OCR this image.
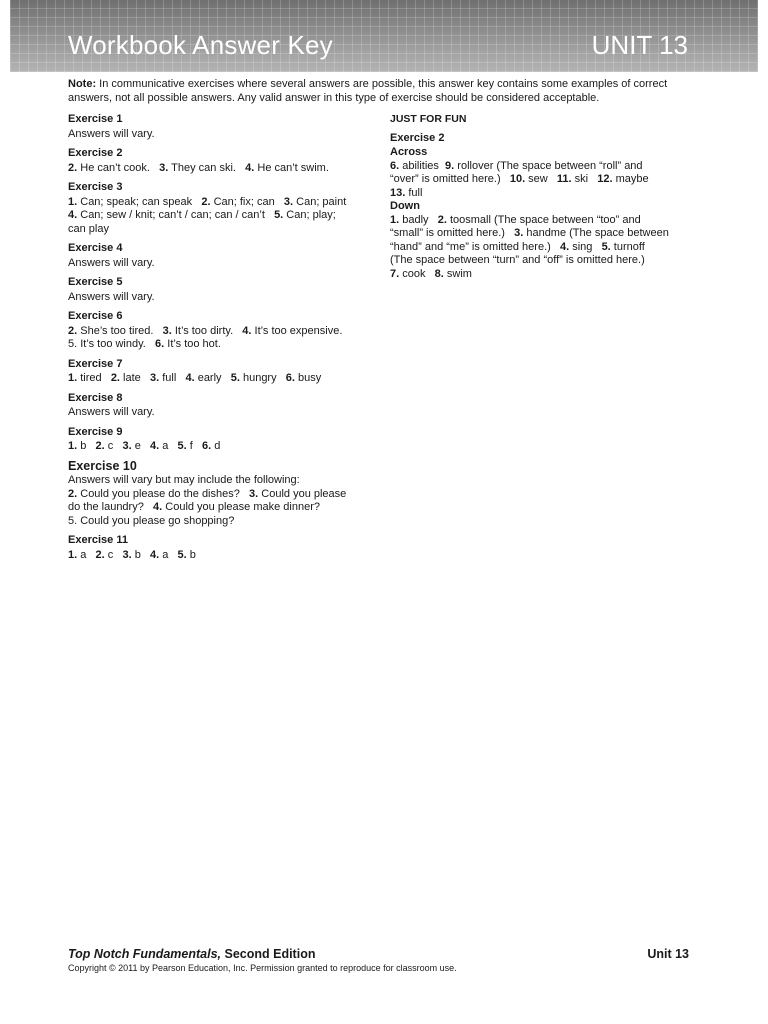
Workbook Answer Key	UNIT 13
Note: In communicative exercises where several answers are possible, this answer key contains some examples of correct answers, not all possible answers. Any valid answer in this type of exercise should be considered acceptable.
Exercise 1
Answers will vary.
Exercise 2
2. He can’t cook.   3. They can ski.   4. He can’t swim.
Exercise 3
1. Can; speak; can speak   2. Can; fix; can   3. Can; paint
4. Can; sew / knit; can’t / can; can / can’t   5. Can; play;
can play
Exercise 4
Answers will vary.
Exercise 5
Answers will vary.
Exercise 6
2. She’s too tired.   3. It’s too dirty.   4. It’s too expensive.
5. It’s too windy.   6. It’s too hot.
Exercise 7
1. tired   2. late   3. full   4. early   5. hungry   6. busy
Exercise 8
Answers will vary.
Exercise 9
1. b   2. c   3. e   4. a   5. f   6. d
Exercise 10
Answers will vary but may include the following:
2. Could you please do the dishes?   3. Could you please
do the laundry?   4. Could you please make dinner?
5. Could you please go shopping?
Exercise 11
1. a   2. c   3. b   4. a   5. b
JUST FOR FUN
Exercise 2
Across
6. abilities  9. rollover (The space between “roll” and
“over” is omitted here.)   10. sew   11. ski   12. maybe
13. full
Down
1. badly   2. toosmall (The space between “too” and
“small” is omitted here.)   3. handme (The space between
“hand” and “me” is omitted here.)   4. sing   5. turnoff
(The space between “turn” and “off” is omitted here.)
7. cook   8. swim
Top Notch Fundamentals, Second Edition
Copyright © 2011 by Pearson Education, Inc. Permission granted to reproduce for classroom use.
Unit 13
